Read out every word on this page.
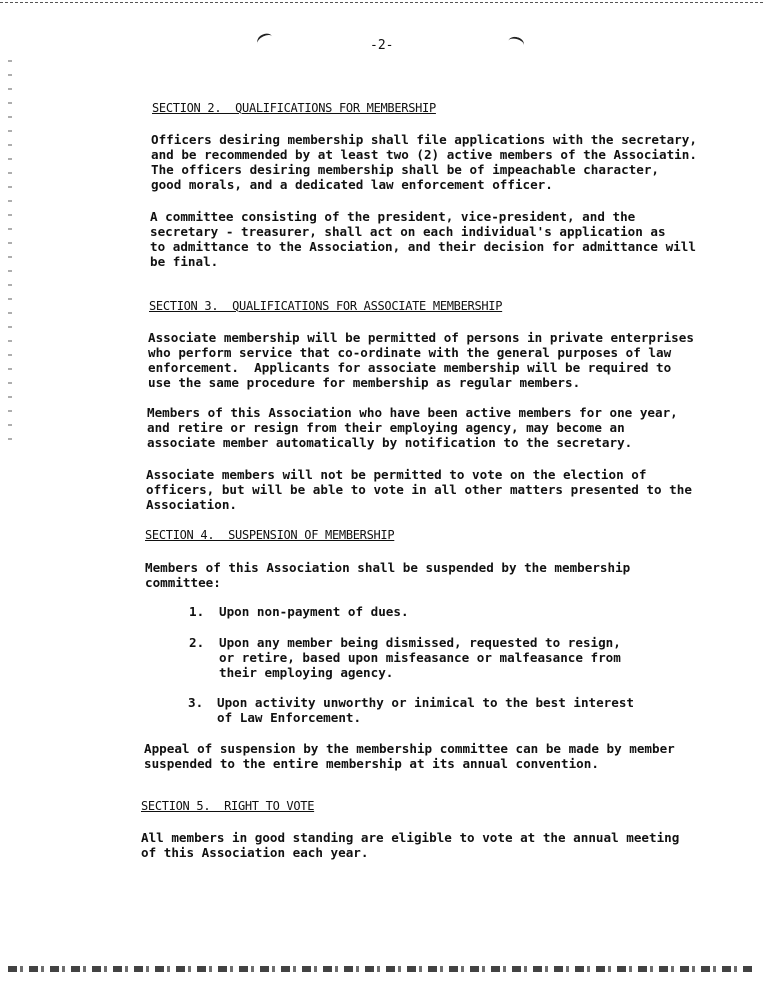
-2-
SECTION 2.  QUALIFICATIONS FOR MEMBERSHIP
Officers desiring membership shall file applications with the secretary,
and be recommended by at least two (2) active members of the Associatin.
The officers desiring membership shall be of impeachable character,
good morals, and a dedicated law enforcement officer.
A committee consisting of the president, vice-president, and the
secretary - treasurer, shall act on each individual's application as
to admittance to the Association, and their decision for admittance will
be final.
SECTION 3.  QUALIFICATIONS FOR ASSOCIATE MEMBERSHIP
Associate membership will be permitted of persons in private enterprises
who perform service that co-ordinate with the general purposes of law
enforcement.  Applicants for associate membership will be required to
use the same procedure for membership as regular members.
Members of this Association who have been active members for one year,
and retire or resign from their employing agency, may become an
associate member automatically by notification to the secretary.
Associate members will not be permitted to vote on the election of
officers, but will be able to vote in all other matters presented to the
Association.
SECTION 4.  SUSPENSION OF MEMBERSHIP
Members of this Association shall be suspended by the membership
committee:
1. Upon non-payment of dues.
2. Upon any member being dismissed, requested to resign,
or retire, based upon misfeasance or malfeasance from
their employing agency.
3. Upon activity unworthy or inimical to the best interest
of Law Enforcement.
Appeal of suspension by the membership committee can be made by member
suspended to the entire membership at its annual convention.
SECTION 5.  RIGHT TO VOTE
All members in good standing are eligible to vote at the annual meeting
of this Association each year.
